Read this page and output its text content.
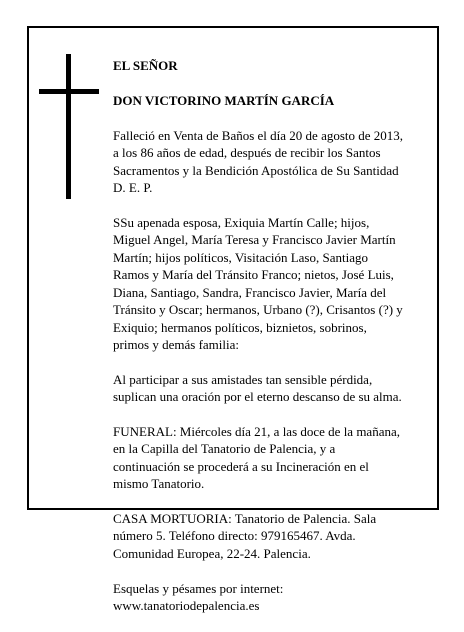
EL SEÑOR

DON VICTORINO MARTÍN GARCÍA

Falleció en Venta de Baños el día 20 de agosto de 2013,
a los 86 años de edad, después de recibir los Santos
Sacramentos y la Bendición Apostólica de Su Santidad
D. E. P.

SSu apenada esposa, Exiquia Martín Calle; hijos,
Miguel Angel, María Teresa y Francisco Javier Martín
Martín; hijos políticos, Visitación Laso, Santiago
Ramos y María del Tránsito Franco; nietos, José Luis,
Diana, Santiago, Sandra, Francisco Javier, María del
Tránsito y Oscar; hermanos, Urbano (?), Crisantos (?) y
Exiquio; hermanos políticos, biznietos, sobrinos,
primos y demás familia:

Al participar a sus amistades tan sensible pérdida,
suplican una oración por el eterno descanso de su alma.

FUNERAL: Miércoles día 21, a las doce de la mañana,
en la Capilla del Tanatorio de Palencia, y a
continuación se procederá a su Incineración en el
mismo Tanatorio.

CASA MORTUORIA: Tanatorio de Palencia. Sala
número 5. Teléfono directo: 979165467. Avda.
Comunidad Europea, 22-24. Palencia.

Esquelas y pésames por internet:
www.tanatoriodepalencia.es
